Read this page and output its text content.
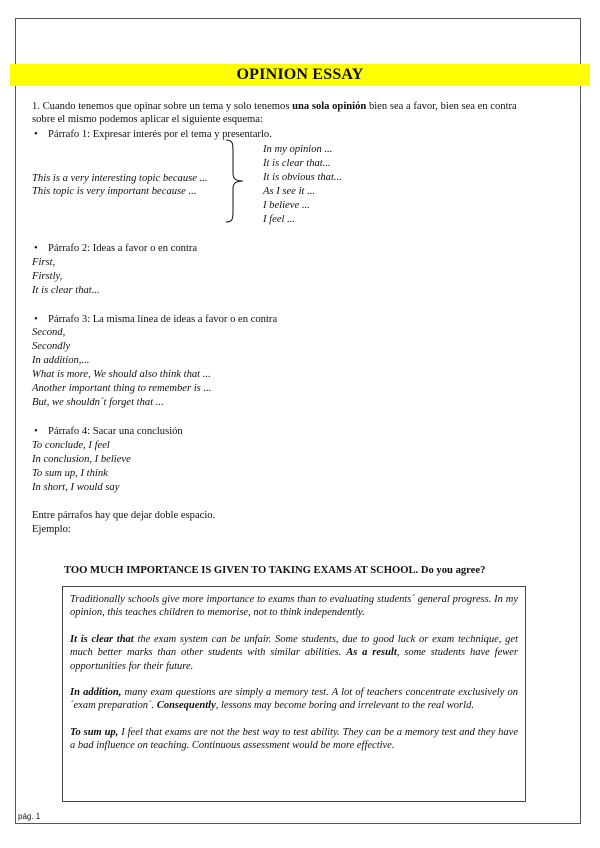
OPINION ESSAY
1. Cuando tenemos que opinar sobre un tema y solo tenemos una sola opinión bien sea a favor, bien sea en contra
sobre el mismo podemos aplicar el siguiente esquema:
• Párrafo 1: Expresar interés por el tema y presentarlo.
This is a very interesting topic because ...
This topic is very important because ...
In my opinion ...
It is clear that...
It is obvious that...
As I see it ...
I believe ...
I feel ...
• Párrafo 2: Ideas a favor o en contra
First,
Firstly,
It is clear that...
• Párrafo 3: La misma línea de ideas a favor o en contra
Second,
Secondly
In addition,...
What is more, We should also think that ...
Another important thing to remember is ...
But, we shouldn´t forget that ...
• Párrafo 4: Sacar una conclusión
To conclude, I feel
In conclusion, I believe
To sum up, I think
In short, I would say
Entre párrafos hay que dejar doble espacio.
Ejemplo:
TOO MUCH IMPORTANCE IS GIVEN TO TAKING EXAMS AT SCHOOL. Do you agree?

Traditionally schools give more importance to exams than to evaluating students´ general progress. In my opinion, this teaches children to memorise, not to think independently.

It is clear that the exam system can be unfair. Some students, due to good luck or exam technique, get much better marks than other students with similar abilities. As a result, some students have fewer opportunities for their future.

In addition, many exam questions are simply a memory test. A lot of teachers concentrate exclusively on ´exam preparation´. Consequently, lessons may become boring and irrelevant to the real world.

To sum up, I feel that exams are not the best way to test ability. They can be a memory test and they have a bad influence on teaching. Continuous assessment would be more effective.

pág. 1
